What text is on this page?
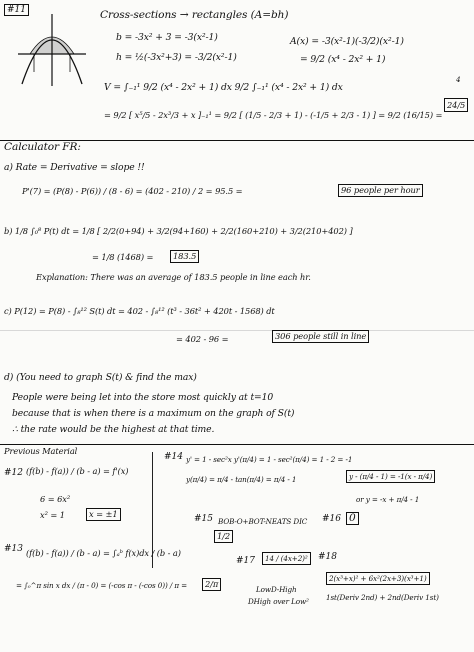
#11	Cross-sections → rectangles (A=bh)
b = -3x² + 3 = -3(x²-1)	A(x) = -3(x²-1)(-3/2)(x²-1)
h = ½(-3x²+3) = -3/2(x²-1)	= 9/2 (x⁴ - 2x² + 1)
V = ∫₋₁¹ 9/2 (x⁴ - 2x² + 1) dx 9/2 ∫₋₁¹ (x⁴ - 2x² + 1) dx
4
= 9/2 [ x⁵/5 - 2x³/3 + x ]₋₁¹ = 9/2 [ (1/5 - 2/3 + 1) - (-1/5 + 2/3 - 1) ] = 9/2 (16/15) =
24/5
Calculator FR:
a) Rate = Derivative = slope !!
P'(7) = (P(8) - P(6)) / (8 - 6) = (402 - 210) / 2 = 95.5 =	96 people per hour
b) 1/8 ∫₀⁸ P(t) dt = 1/8 [ 2/2(0+94) + 3/2(94+160) + 2/2(160+210) + 3/2(210+402) ]
= 1/8 (1468) =	183.5
Explanation: There was an average of 183.5 people in line each hr.
c) P(12) = P(8) - ∫₈¹² S(t) dt = 402 - ∫₈¹² (t³ - 36t² + 420t - 1568) dt
= 402 - 96 =	306 people still in line
d) (You need to graph S(t) & find the max)
People were being let into the store most quickly at t=10
because that is when there is a maximum on the graph of S(t)
∴ the rate would be the highest at that time.
Previous Material
#12 (f(b) - f(a)) / (b - a) = f'(x)
6 = 6x²
x² = 1	x = ±1
#13 (f(b) - f(a)) / (b - a) = ∫ₐᵇ f(x)dx / (b - a)
= ∫₀^π sin x dx / (π - 0) = (-cos π - (-cos 0)) / π =	2/π
#14 y' = 1 - sec²x y'(π/4) = 1 - sec²(π/4) = 1 - 2 = -1
y(π/4) = π/4 - tan(π/4) = π/4 - 1	y - (π/4 - 1) = -1(x - π/4)
or y = -x + π/4 - 1
#15 BOB-O+BOT-NEATS DIC
1/2
#16 0
#17	14 / (4x+2)²
LowD-High
DHigh over Low²
#18
2(x³+x)² + 6x²(2x+3)(x³+1)
1st(Deriv 2nd) + 2nd(Deriv 1st)
